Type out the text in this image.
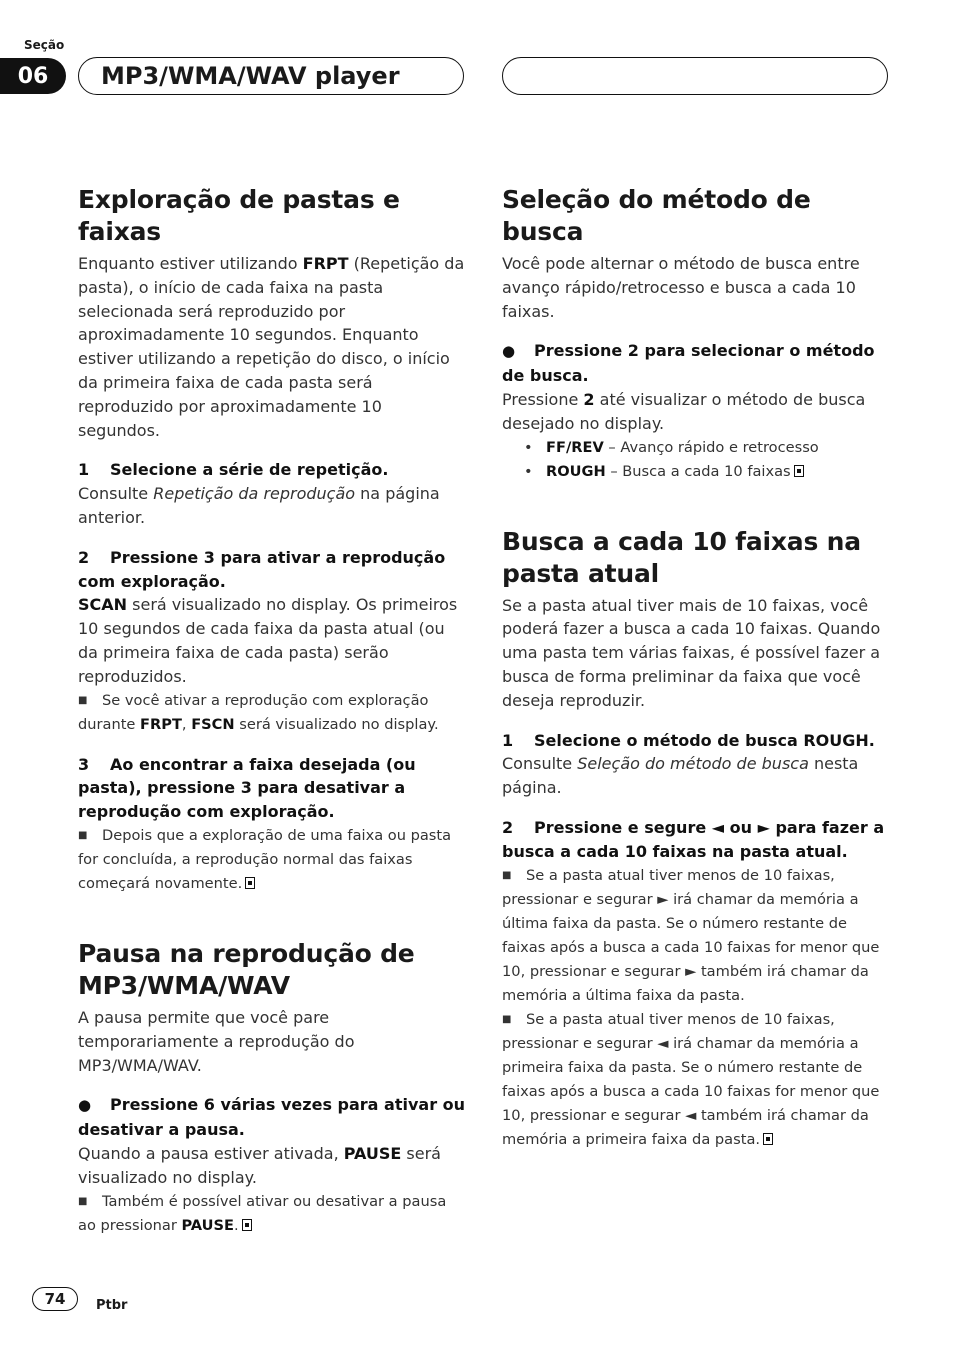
Seção
06	MP3/WMA/WAV player
Exploração de pastas e faixas

Enquanto estiver utilizando FRPT (Repetição da pasta), o início de cada faixa na pasta selecionada será reproduzido por aproximadamente 10 segundos. Enquanto estiver utilizando a repetição do disco, o início da primeira faixa de cada pasta será reproduzido por aproximadamente 10 segundos.

1 Selecione a série de repetição.

Consulte Repetição da reprodução na página anterior.

2 Pressione 3 para ativar a reprodução com exploração.

SCAN será visualizado no display. Os primeiros 10 segundos de cada faixa da pasta atual (ou da primeira faixa de cada pasta) serão reproduzidos.

■ Se você ativar a reprodução com exploração durante FRPT, FSCN será visualizado no display.

3 Ao encontrar a faixa desejada (ou pasta), pressione 3 para desativar a reprodução com exploração.

■ Depois que a exploração de uma faixa ou pasta for concluída, a reprodução normal das faixas começará novamente.

Pausa na reprodução de MP3/WMA/WAV

A pausa permite que você pare temporariamente a reprodução do MP3/WMA/WAV.

● Pressione 6 várias vezes para ativar ou desativar a pausa.

Quando a pausa estiver ativada, PAUSE será visualizado no display.

■ Também é possível ativar ou desativar a pausa ao pressionar PAUSE.

Seleção do método de busca

Você pode alternar o método de busca entre avanço rápido/retrocesso e busca a cada 10 faixas.

● Pressione 2 para selecionar o método de busca.

Pressione 2 até visualizar o método de busca desejado no display.

• FF/REV – Avanço rápido e retrocesso

• ROUGH – Busca a cada 10 faixas

Busca a cada 10 faixas na pasta atual

Se a pasta atual tiver mais de 10 faixas, você poderá fazer a busca a cada 10 faixas. Quando uma pasta tem várias faixas, é possível fazer a busca de forma preliminar da faixa que você deseja reproduzir.

1 Selecione o método de busca ROUGH.

Consulte Seleção do método de busca nesta página.

2 Pressione e segure ◄ ou ► para fazer a busca a cada 10 faixas na pasta atual.

■ Se a pasta atual tiver menos de 10 faixas, pressionar e segurar ► irá chamar da memória a última faixa da pasta. Se o número restante de faixas após a busca a cada 10 faixas for menor que 10, pressionar e segurar ► também irá chamar da memória a última faixa da pasta.

■ Se a pasta atual tiver menos de 10 faixas, pressionar e segurar ◄ irá chamar da memória a primeira faixa da pasta. Se o número restante de faixas após a busca a cada 10 faixas for menor que 10, pressionar e segurar ◄ também irá chamar da memória a primeira faixa da pasta.

74	Ptbr
